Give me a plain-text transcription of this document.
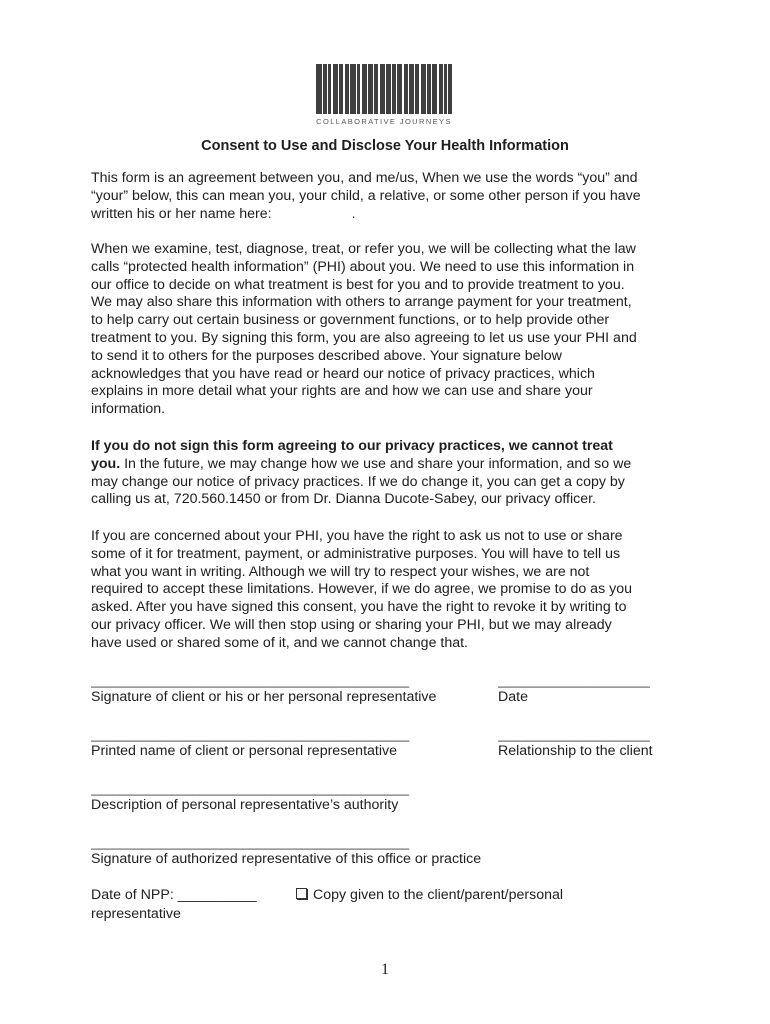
COLLABORATIVE JOURNEYS
Consent to Use and Disclose Your Health Information

This form is an agreement between you, and me/us, When we use the words “you” and
“your” below, this can mean you, your child, a relative, or some other person if you have
written his or her name here:	.

When we examine, test, diagnose, treat, or refer you, we will be collecting what the law
calls “protected health information” (PHI) about you. We need to use this information in
our office to decide on what treatment is best for you and to provide treatment to you.
We may also share this information with others to arrange payment for your treatment,
to help carry out certain business or government functions, or to help provide other
treatment to you. By signing this form, you are also agreeing to let us use your PHI and
to send it to others for the purposes described above. Your signature below
acknowledges that you have read or heard our notice of privacy practices, which
explains in more detail what your rights are and how we can use and share your
information.

If you do not sign this form agreeing to our privacy practices, we cannot treat
you. In the future, we may change how we use and share your information, and so we
may change our notice of privacy practices. If we do change it, you can get a copy by
calling us at, 720.560.1450 or from Dr. Dianna Ducote-Sabey, our privacy officer.

If you are concerned about your PHI, you have the right to ask us not to use or share
some of it for treatment, payment, or administrative purposes. You will have to tell us
what you want in writing. Although we will try to respect your wishes, we are not
required to accept these limitations. However, if we do agree, we promise to do as you
asked. After you have signed this consent, you have the right to revoke it by writing to
our privacy officer. We will then stop using or sharing your PHI, but we may already
have used or shared some of it, and we cannot change that.

____________________________________________	_____________________
Signature of client or his or her personal representative	Date
____________________________________________	_____________________
Printed name of client or personal representative	Relationship to the client
____________________________________________
Description of personal representative’s authority
____________________________________________
Signature of authorized representative of this office or practice
Date of NPP: __________
representative
Copy given to the client/parent/personal
1
